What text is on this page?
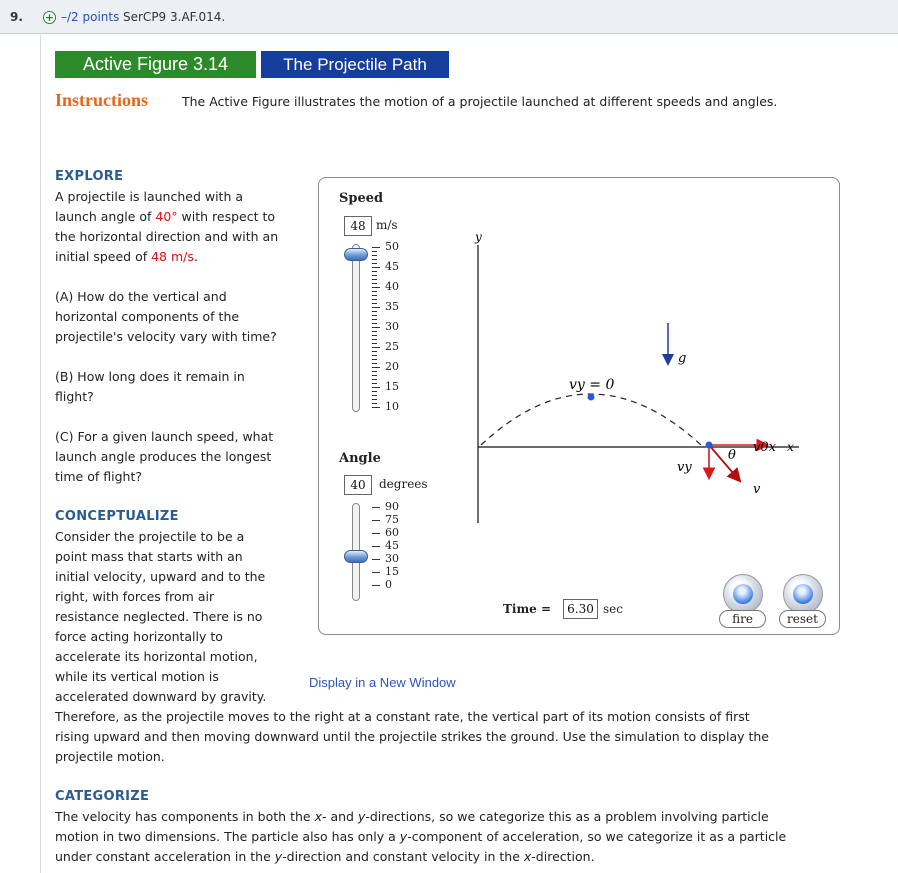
9. + –/2 points SerCP9 3.AF.014.
Active Figure 3.14	The Projectile Path
Instructions	The Active Figure illustrates the motion of a projectile launched at different speeds and angles.
EXPLORE
A projectile is launched with a
launch angle of 40° with respect to
the horizontal direction and with an
initial speed of 48 m/s.
(A) How do the vertical and
horizontal components of the
projectile's velocity vary with time?
(B) How long does it remain in
flight?
(C) For a given launch speed, what
launch angle produces the longest
time of flight?
CONCEPTUALIZE
Consider the projectile to be a
point mass that starts with an
initial velocity, upward and to the
right, with forces from air
resistance neglected. There is no
force acting horizontally to
accelerate its horizontal motion,
while its vertical motion is
accelerated downward by gravity.
Therefore, as the projectile moves to the right at a constant rate, the vertical part of its motion consists of first
rising upward and then moving downward until the projectile strikes the ground. Use the simulation to display the
projectile motion.
CATEGORIZE
The velocity has components in both the x- and y-directions, so we categorize this as a problem involving particle
motion in two dimensions. The particle also has only a y-component of acceleration, so we categorize it as a particle
under constant acceleration in the y-direction and constant velocity in the x-direction.
Speed
48 m/s
50
45
40
35
30
25
20
15
10
Angle
40	degrees
90
75
60
45
30
15
0
y
x
vy = 0
g
v0x
vy
θ
v
Time =	6.30 sec
fire	reset
Display in a New Window
